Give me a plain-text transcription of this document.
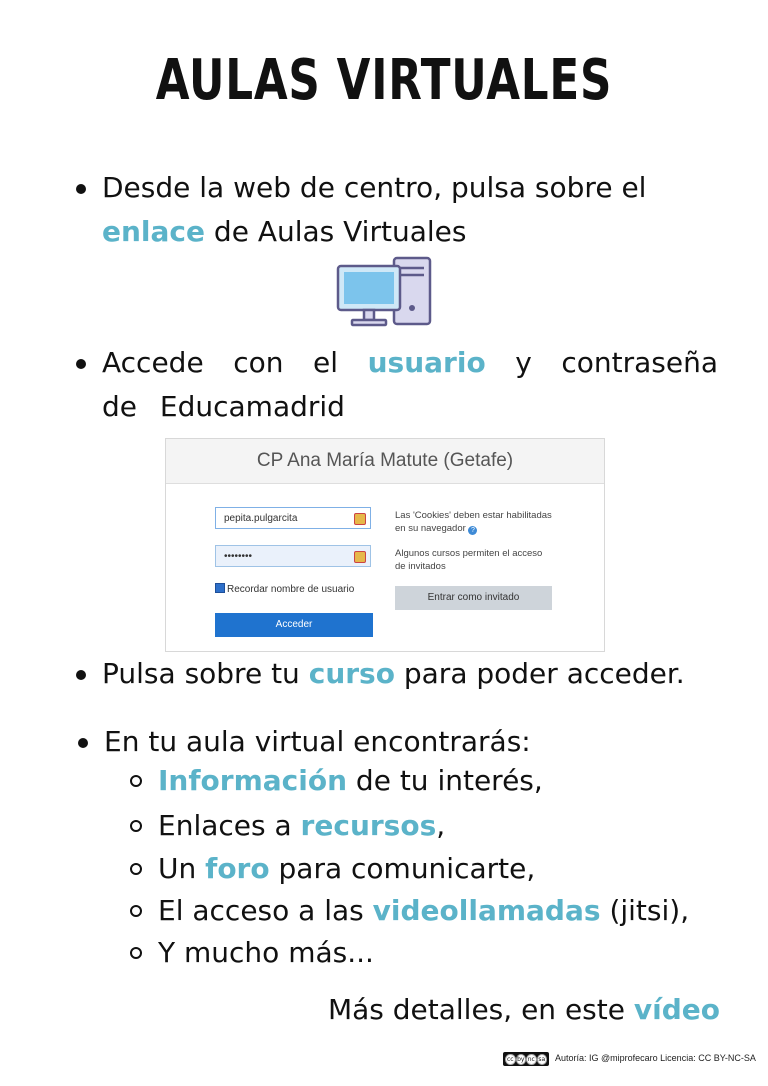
AULAS VIRTUALES
Desde la web de centro, pulsa sobre el
enlace de Aulas Virtuales
Accede con el usuario y contraseña de Educamadrid
CP Ana María Matute (Getafe)
pepita.pulgarcita
••••••••
Recordar nombre de usuario
Acceder
Las 'Cookies' deben estar habilitadas en su navegador ?
Algunos cursos permiten el acceso de invitados
Entrar como invitado
Pulsa sobre tu curso para poder acceder.
En tu aula virtual encontrarás:
Información de tu interés,
Enlaces a recursos,
Un foro para comunicarte,
El acceso a las videollamadas (jitsi),
Y mucho más...
Más detalles, en este vídeo
cc by nc sa Autoría: IG @miprofecaro Licencia: CC BY-NC-SA
